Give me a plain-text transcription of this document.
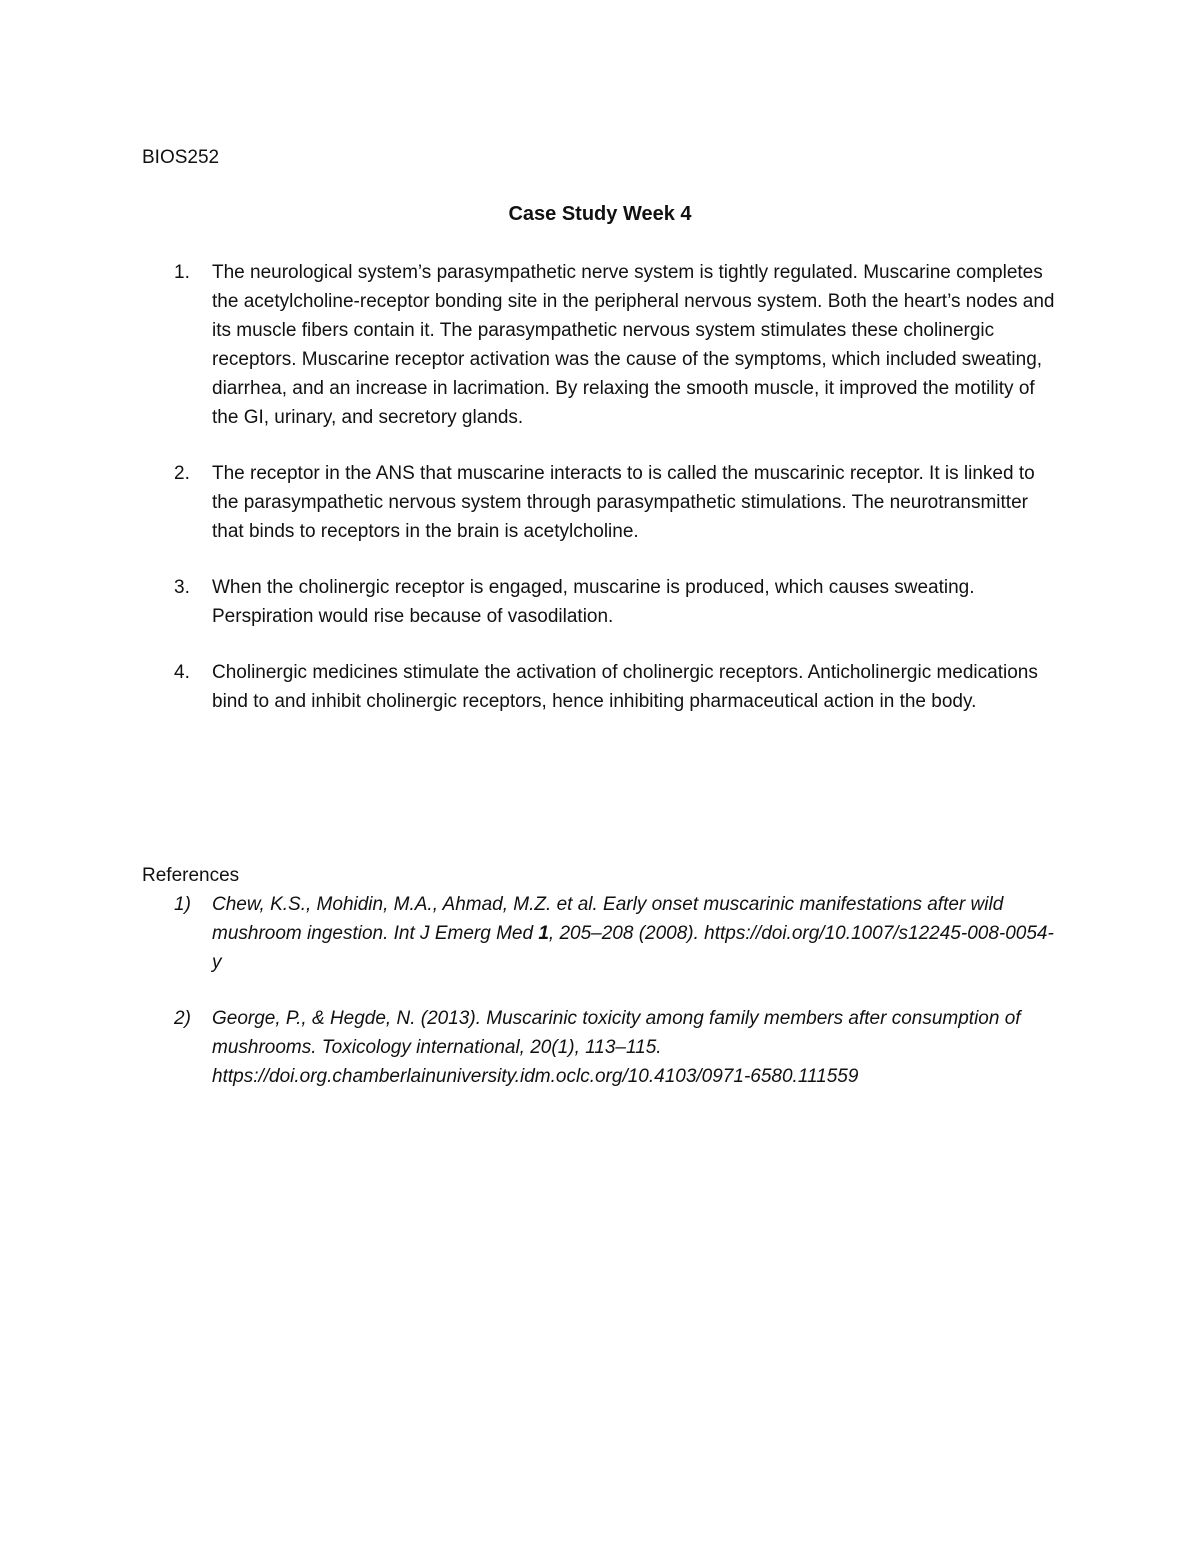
BIOS252
Case Study Week 4
1. The neurological system’s parasympathetic nerve system is tightly regulated. Muscarine completes the acetylcholine-receptor bonding site in the peripheral nervous system. Both the heart’s nodes and its muscle fibers contain it. The parasympathetic nervous system stimulates these cholinergic receptors. Muscarine receptor activation was the cause of the symptoms, which included sweating, diarrhea, and an increase in lacrimation. By relaxing the smooth muscle, it improved the motility of the GI, urinary, and secretory glands.
2. The receptor in the ANS that muscarine interacts to is called the muscarinic receptor. It is linked to the parasympathetic nervous system through parasympathetic stimulations. The neurotransmitter that binds to receptors in the brain is acetylcholine.
3. When the cholinergic receptor is engaged, muscarine is produced, which causes sweating. Perspiration would rise because of vasodilation.
4. Cholinergic medicines stimulate the activation of cholinergic receptors. Anticholinergic medications bind to and inhibit cholinergic receptors, hence inhibiting pharmaceutical action in the body.
References
1) Chew, K.S., Mohidin, M.A., Ahmad, M.Z. et al. Early onset muscarinic manifestations after wild mushroom ingestion. Int J Emerg Med 1, 205–208 (2008). https://doi.org/10.1007/s12245-008-0054-y
2) George, P., & Hegde, N. (2013). Muscarinic toxicity among family members after consumption of mushrooms. Toxicology international, 20(1), 113–115. https://doi.org.chamberlainuniversity.idm.oclc.org/10.4103/0971-6580.111559
